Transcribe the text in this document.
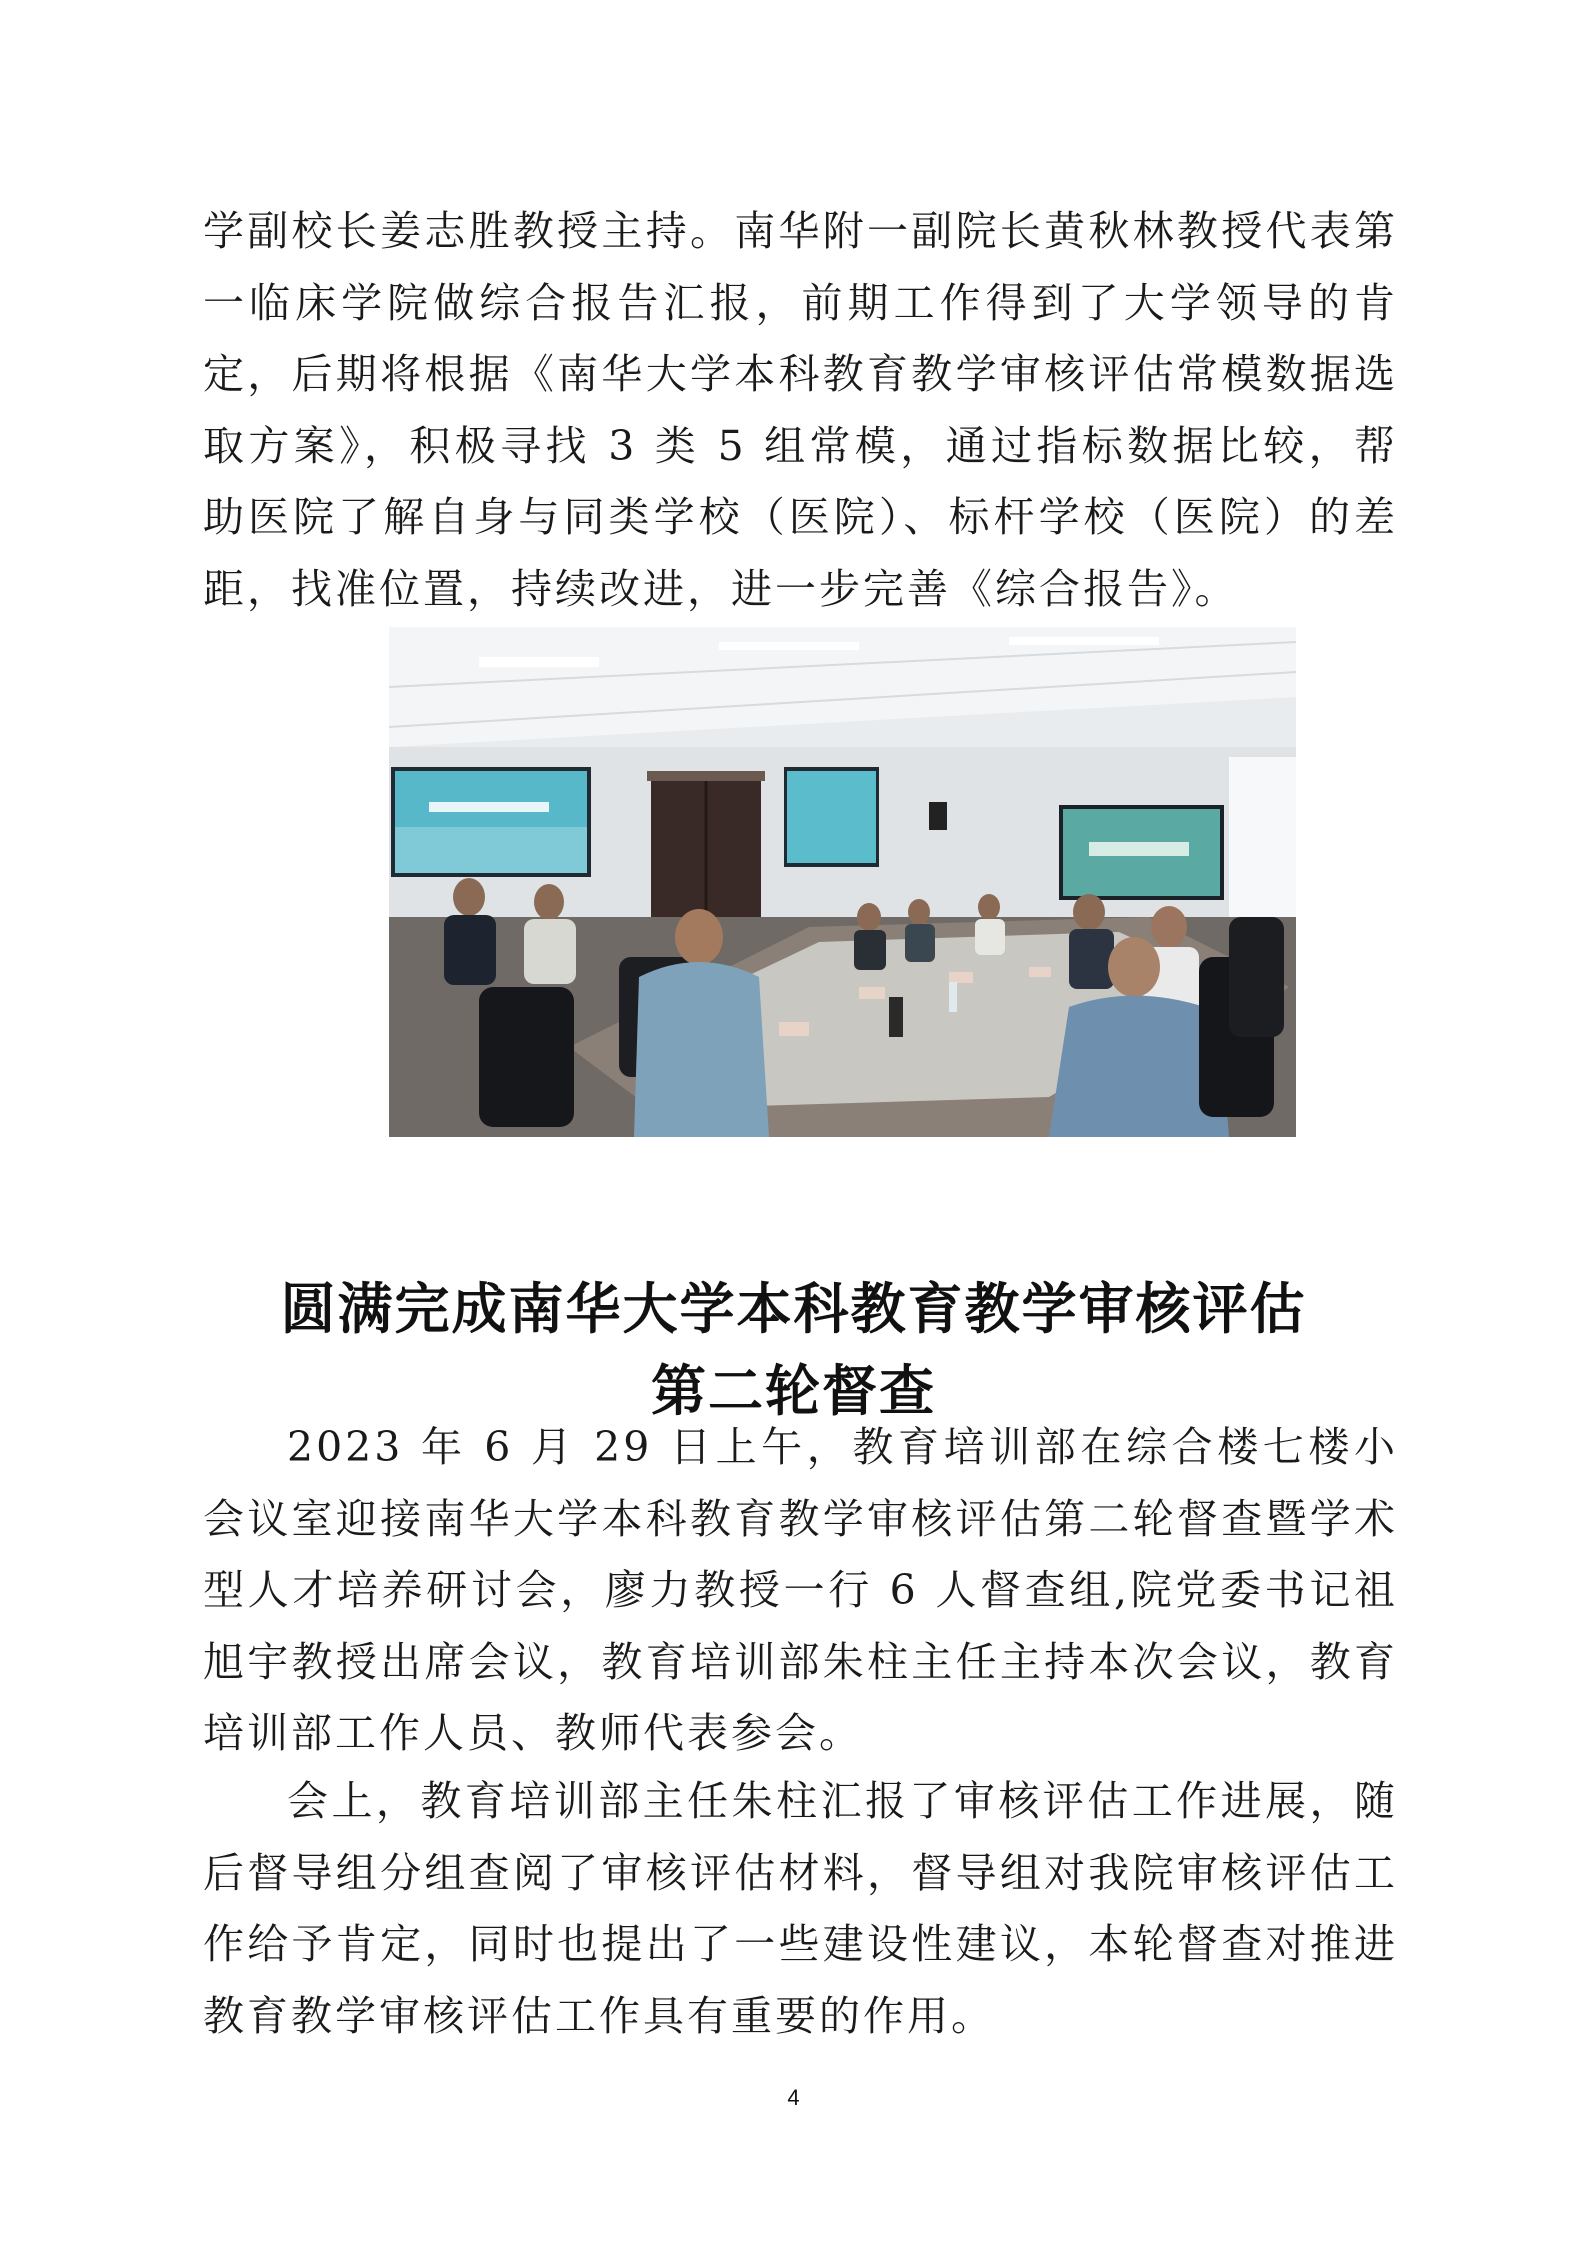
学副校长姜志胜教授主持。南华附一副院长黄秋林教授代表第一临床学院做综合报告汇报，前期工作得到了大学领导的肯定，后期将根据《南华大学本科教育教学审核评估常模数据选取方案》，积极寻找 3 类 5 组常模，通过指标数据比较，帮助医院了解自身与同类学校（医院）、标杆学校（医院）的差距，找准位置，持续改进，进一步完善《综合报告》。

圆满完成南华大学本科教育教学审核评估
第二轮督查

2023 年 6 月 29 日上午，教育培训部在综合楼七楼小会议室迎接南华大学本科教育教学审核评估第二轮督查暨学术型人才培养研讨会，廖力教授一行 6 人督查组,院党委书记祖旭宇教授出席会议，教育培训部朱柱主任主持本次会议，教育培训部工作人员、教师代表参会。

会上，教育培训部主任朱柱汇报了审核评估工作进展，随后督导组分组查阅了审核评估材料，督导组对我院审核评估工作给予肯定，同时也提出了一些建设性建议，本轮督查对推进教育教学审核评估工作具有重要的作用。

4
